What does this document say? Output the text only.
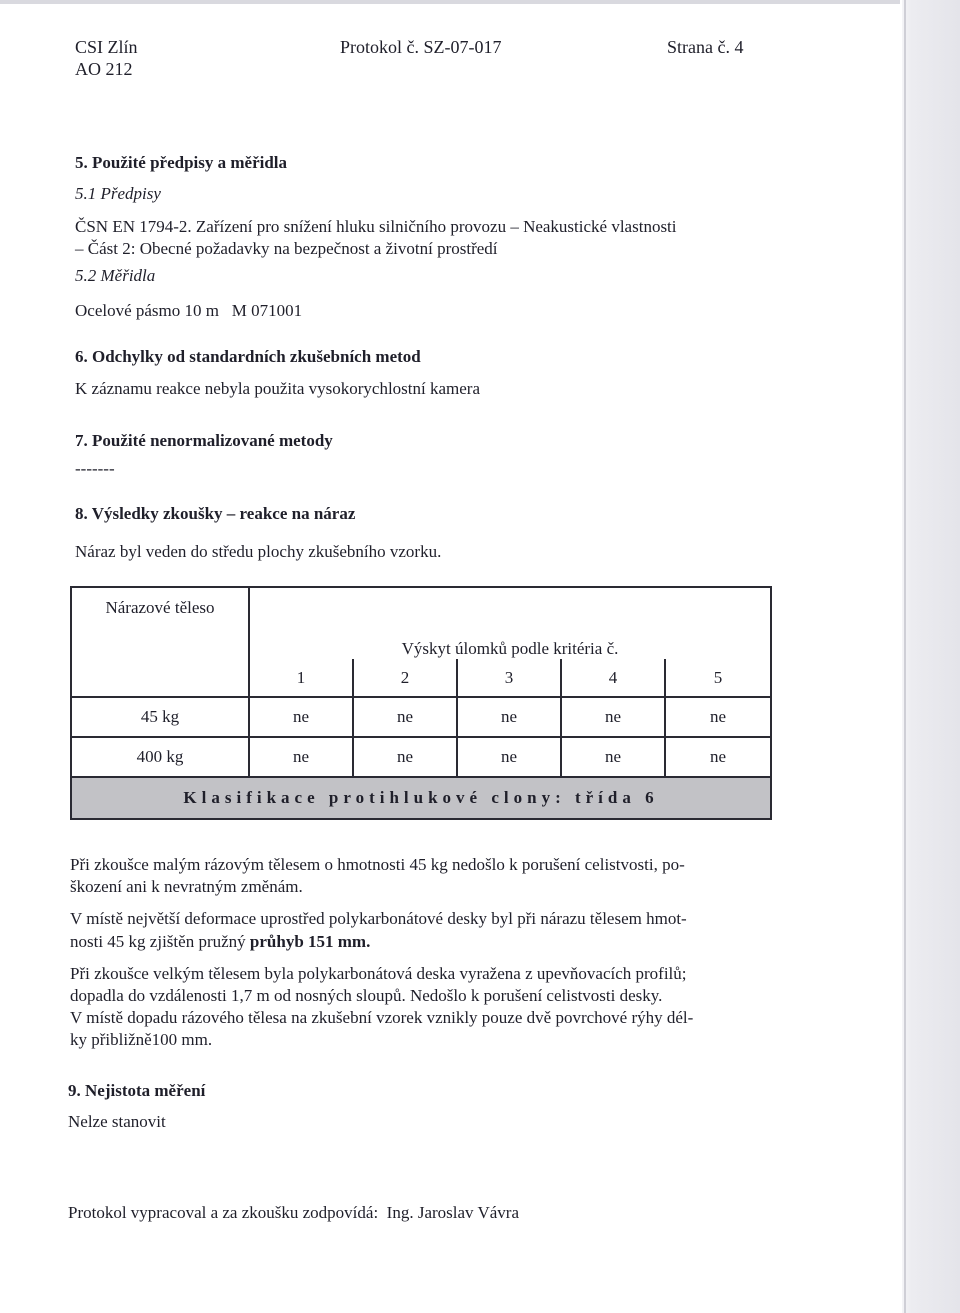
CSI Zlín
AO 212
Protokol č. SZ-07-017	Strana č. 4
5. Použité předpisy a měřidla
5.1 Předpisy
ČSN EN 1794-2. Zařízení pro snížení hluku silničního provozu – Neakustické vlastnosti
– Část 2: Obecné požadavky na bezpečnost a životní prostředí
5.2 Měřidla
Ocelové pásmo 10 m   M 071001
6. Odchylky od standardních zkušebních metod
K záznamu reakce nebyla použita vysokorychlostní kamera
7. Použité nenormalizované metody
-------
8. Výsledky zkoušky – reakce na náraz
Náraz byl veden do středu plochy zkušebního vzorku.
Nárazové těleso	Výskyt úlomků podle kritéria č.				

	1	2	3	4	5
45 kg	ne	ne	ne	ne	ne
400 kg	ne	ne	ne	ne	ne
Klasifikace protihlukové clony: třída 6					
Při zkoušce malým rázovým tělesem o hmotnosti 45 kg nedošlo k porušení celistvosti, po-
škození ani k nevratným změnám.
V místě největší deformace uprostřed polykarbonátové desky byl při nárazu tělesem hmot-
nosti 45 kg zjištěn pružný průhyb 151 mm.
Při zkoušce velkým tělesem byla polykarbonátová deska vyražena z upevňovacích profilů;
dopadla do vzdálenosti 1,7 m od nosných sloupů. Nedošlo k porušení celistvosti desky.
V místě dopadu rázového tělesa na zkušební vzorek vznikly pouze dvě povrchové rýhy dél-
ky přibližně100 mm.
9. Nejistota měření
Nelze stanovit
Protokol vypracoval a za zkoušku zodpovídá:  Ing. Jaroslav Vávra
